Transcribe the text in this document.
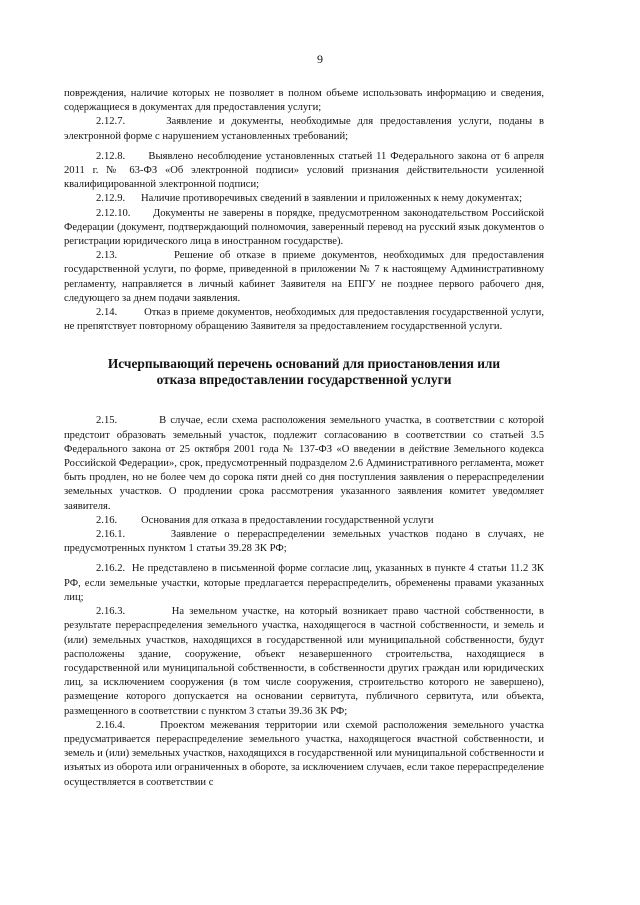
9

повреждения, наличие которых не позволяет в полном объеме использовать информацию и сведения, содержащиеся в документах для предоставления услуги;

2.12.7.      Заявление и документы, необходимые для предоставления услуги, поданы в электронной форме с нарушением установленных требований;

2.12.8.      Выявлено несоблюдение установленных статьей 11 Федерального закона от 6 апреля 2011 г. № 63-ФЗ «Об электронной подписи» условий признания действительности усиленной квалифицированной электронной подписи;

2.12.9.      Наличие противоречивых сведений в заявлении и приложенных к нему документах;

2.12.10.      Документы не заверены в порядке, предусмотренном законодательством Российской Федерации (документ, подтверждающий полномочия, заверенный перевод на русский язык документов о регистрации юридического лица в иностранном государстве).

2.13.         Решение об отказе в приеме документов, необходимых для предоставления государственной услуги, по форме, приведенной в приложении № 7 к настоящему Административному регламенту, направляется в личный кабинет Заявителя на ЕПГУ не позднее первого рабочего дня, следующего за днем подачи заявления.

2.14.         Отказ в приеме документов, необходимых для предоставления государственной услуги, не препятствует повторному обращению Заявителя за предоставлением государственной услуги.

Исчерпывающий перечень оснований для приостановления или
отказа впредоставлении государственной услуги

2.15.          В случае, если схема расположения земельного участка, в соответствии с которой предстоит образовать земельный участок, подлежит согласованию в соответствии со статьей 3.5 Федерального закона от 25 октября 2001 года № 137-ФЗ «О введении в действие Земельного кодекса Российской Федерации», срок, предусмотренный подразделом 2.6 Административного регламента, может быть продлен, но не более чем до сорока пяти дней со дня поступления заявления о перераспределении земельных участков. О продлении срока рассмотрения указанного заявления комитет уведомляет заявителя.

2.16.         Основания для отказа в предоставлении государственной услуги

2.16.1.      Заявление о перераспределении земельных участков подано в случаях, не предусмотренных пунктом 1 статьи 39.28 ЗК РФ;

2.16.2.  Не представлено в письменной форме согласие лиц, указанных в пункте 4 статьи 11.2 ЗК РФ, если земельные участки, которые предлагается перераспределить, обременены правами указанных лиц;

2.16.3.         На земельном участке, на который возникает право частной собственности, в результате перераспределения земельного участка, находящегося в частной собственности, и земель и (или) земельных участков, находящихся в государственной или муниципальной собственности, будут расположены здание, сооружение, объект незавершенного строительства, находящиеся в государственной или муниципальной собственности, в собственности других граждан или юридических лиц, за исключением сооружения (в том числе сооружения, строительство которого не завершено), размещение которого допускается на основании сервитута, публичного сервитута, или объекта, размещенного в соответствии с пунктом 3 статьи 39.36 ЗК РФ;

2.16.4.      Проектом межевания территории или схемой расположения земельного участка предусматривается перераспределение земельного участка, находящегося вчастной собственности, и земель и (или) земельных участков, находящихся в государственной или муниципальной собственности и изъятых из оборота или ограниченных в обороте, за исключением случаев, если такое перераспределение осуществляется в соответствии с
